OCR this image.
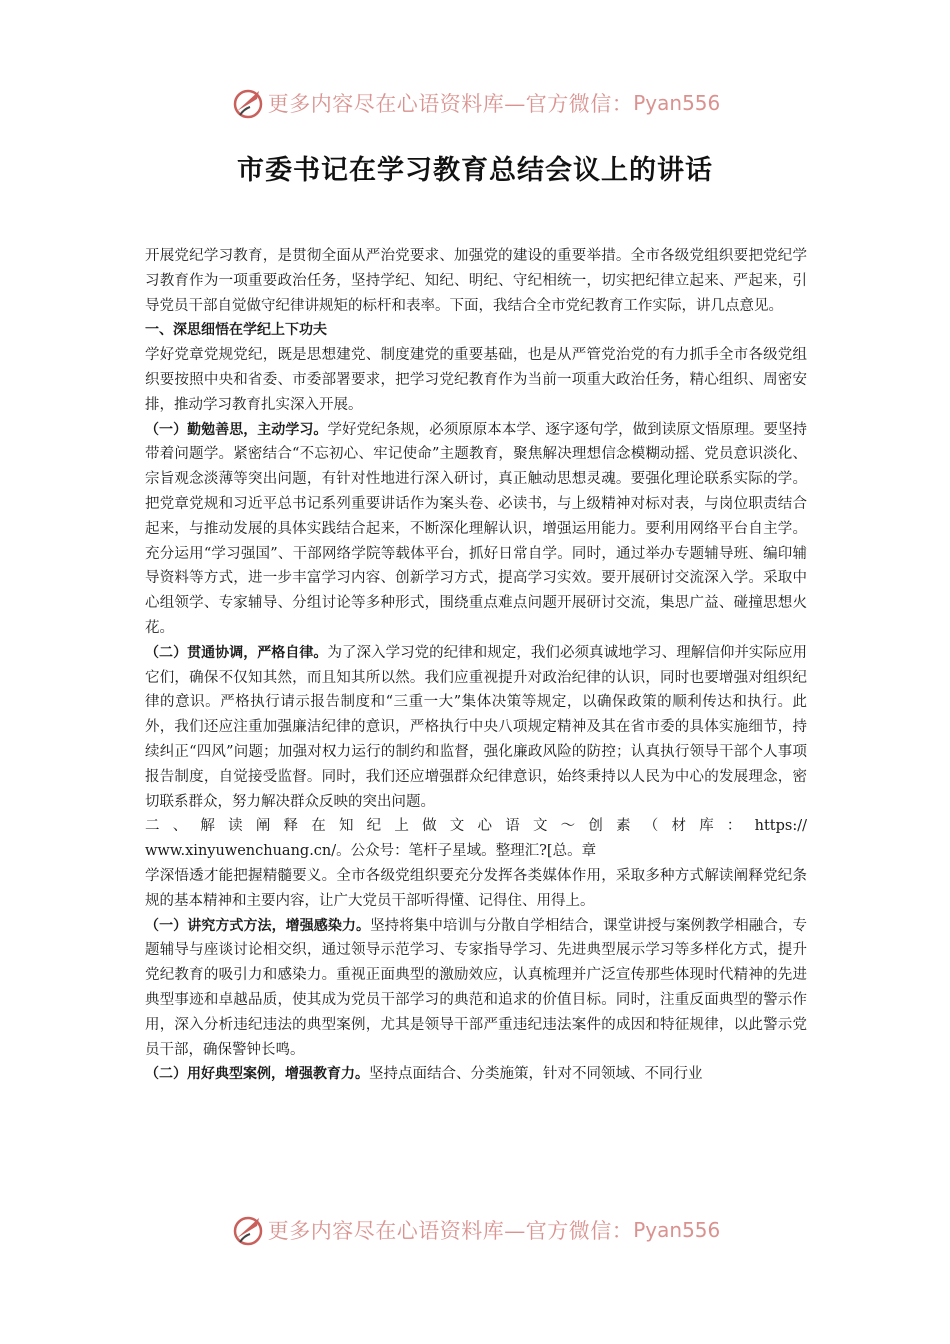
更多内容尽在心语资料库—官方微信： Pyan556
市委书记在学习教育总结会议上的讲话

开展党纪学习教育，是贯彻全面从严治党要求、加强党的建设的重要举措。全市各级党组织要把党纪学习教育作为一项重要政治任务，坚持学纪、知纪、明纪、守纪相统一，切实把纪律立起来、严起来，引导党员干部自觉做守纪律讲规矩的标杆和表率。下面，我结合全市党纪教育工作实际，讲几点意见。

一、深思细悟在学纪上下功夫

学好党章党规党纪，既是思想建党、制度建党的重要基础，也是从严管党治党的有力抓手全市各级党组织要按照中央和省委、市委部署要求，把学习党纪教育作为当前一项重大政治任务，精心组织、周密安排，推动学习教育扎实深入开展。

（一）勤勉善思，主动学习。学好党纪条规，必须原原本本学、逐字逐句学，做到读原文悟原理。要坚持带着问题学。紧密结合“不忘初心、牢记使命”主题教育，聚焦解决理想信念模糊动摇、党员意识淡化、宗旨观念淡薄等突出问题，有针对性地进行深入研讨，真正触动思想灵魂。要强化理论联系实际的学。把党章党规和习近平总书记系列重要讲话作为案头卷、必读书，与上级精神对标对表，与岗位职责结合起来，与推动发展的具体实践结合起来，不断深化理解认识，增强运用能力。要利用网络平台自主学。充分运用“学习强国”、干部网络学院等载体平台，抓好日常自学。同时，通过举办专题辅导班、编印辅导资料等方式，进一步丰富学习内容、创新学习方式，提高学习实效。要开展研讨交流深入学。采取中心组领学、专家辅导、分组讨论等多种形式，围绕重点难点问题开展研讨交流，集思广益、碰撞思想火花。

（二）贯通协调，严格自律。为了深入学习党的纪律和规定，我们必须真诚地学习、理解信仰并实际应用它们，确保不仅知其然，而且知其所以然。我们应重视提升对政治纪律的认识，同时也要增强对组织纪律的意识。严格执行请示报告制度和“三重一大”集体决策等规定，以确保政策的顺利传达和执行。此外，我们还应注重加强廉洁纪律的意识，严格执行中央八项规定精神及其在省市委的具体实施细节，持续纠正“四风”问题；加强对权力运行的制约和监督，强化廉政风险的防控；认真执行领导干部个人事项报告制度，自觉接受监督。同时，我们还应增强群众纪律意识，始终秉持以人民为中心的发展理念，密切联系群众，努力解决群众反映的突出问题。

二、解读阐释在知纪上做文心语文～创素（材库：https://

www.xinyuwenchuang.cn/。公众号：笔杆子星域。整理汇?[总。章

学深悟透才能把握精髓要义。全市各级党组织要充分发挥各类媒体作用，采取多种方式解读阐释党纪条规的基本精神和主要内容，让广大党员干部听得懂、记得住、用得上。

（一）讲究方式方法，增强感染力。坚持将集中培训与分散自学相结合，课堂讲授与案例教学相融合，专题辅导与座谈讨论相交织，通过领导示范学习、专家指导学习、先进典型展示学习等多样化方式，提升党纪教育的吸引力和感染力。重视正面典型的激励效应，认真梳理并广泛宣传那些体现时代精神的先进典型事迹和卓越品质，使其成为党员干部学习的典范和追求的价值目标。同时，注重反面典型的警示作用，深入分析违纪违法的典型案例，尤其是领导干部严重违纪违法案件的成因和特征规律，以此警示党员干部，确保警钟长鸣。

（二）用好典型案例，增强教育力。坚持点面结合、分类施策，针对不同领域、不同行业

更多内容尽在心语资料库—官方微信： Pyan556
